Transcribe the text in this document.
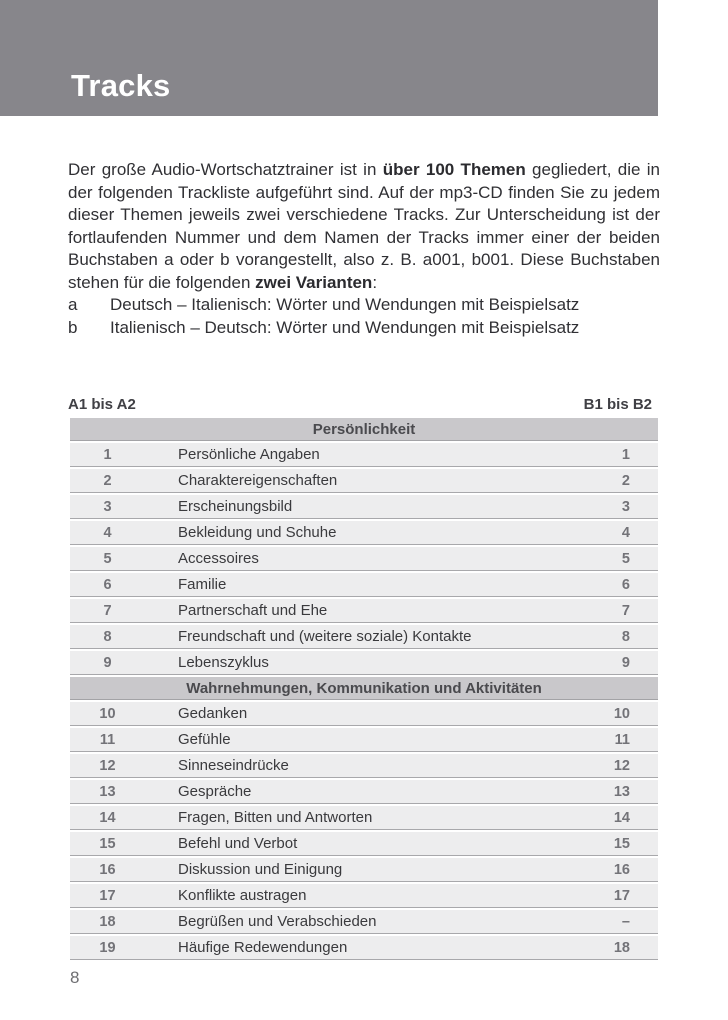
Tracks

Der große Audio-Wortschatztrainer ist in über 100 Themen gegliedert, die in der folgenden Trackliste aufgeführt sind. Auf der mp3-CD finden Sie zu jedem dieser Themen jeweils zwei verschiedene Tracks. Zur Unterscheidung ist der fortlaufenden Nummer und dem Namen der Tracks immer einer der beiden Buchstaben a oder b vorangestellt, also z. B. a001, b001. Diese Buchstaben stehen für die folgenden zwei Varianten:

a	Deutsch – Italienisch: Wörter und Wendungen mit Beispielsatz
b	Italienisch – Deutsch: Wörter und Wendungen mit Beispielsatz
A1 bis A2	B1 bis B2
Persönlichkeit
1	Persönliche Angaben	1
2	Charaktereigenschaften	2
3	Erscheinungsbild	3
4	Bekleidung und Schuhe	4
5	Accessoires	5
6	Familie	6
7	Partnerschaft und Ehe	7
8	Freundschaft und (weitere soziale) Kontakte	8
9	Lebenszyklus	9
Wahrnehmungen, Kommunikation und Aktivitäten
10	Gedanken	10
11	Gefühle	11
12	Sinneseindrücke	12
13	Gespräche	13
14	Fragen, Bitten und Antworten	14
15	Befehl und Verbot	15
16	Diskussion und Einigung	16
17	Konflikte austragen	17
18	Begrüßen und Verabschieden	–
19	Häufige Redewendungen	18
8
